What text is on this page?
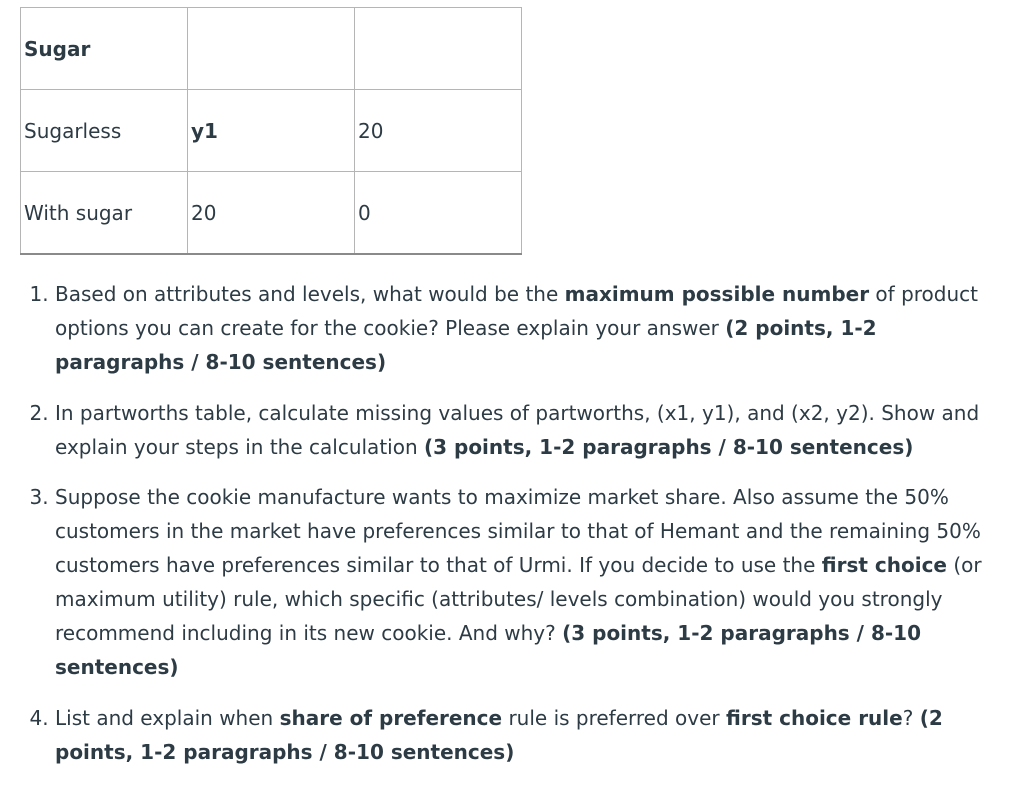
Sugar		
Sugarless	y1	20
With sugar	20	0
1. Based on attributes and levels, what would be the maximum possible number of product options you can create for the cookie? Please explain your answer (2 points, 1-2 paragraphs / 8-10 sentences)
2. In partworths table, calculate missing values of partworths, (x1, y1), and (x2, y2). Show and explain your steps in the calculation (3 points, 1-2 paragraphs / 8-10 sentences)
3. Suppose the cookie manufacture wants to maximize market share. Also assume the 50% customers in the market have preferences similar to that of Hemant and the remaining 50% customers have preferences similar to that of Urmi. If you decide to use the first choice (or maximum utility) rule, which specific (attributes/ levels combination) would you strongly recommend including in its new cookie. And why? (3 points, 1-2 paragraphs / 8-10 sentences)
4. List and explain when share of preference rule is preferred over first choice rule? (2 points, 1-2 paragraphs / 8-10 sentences)
